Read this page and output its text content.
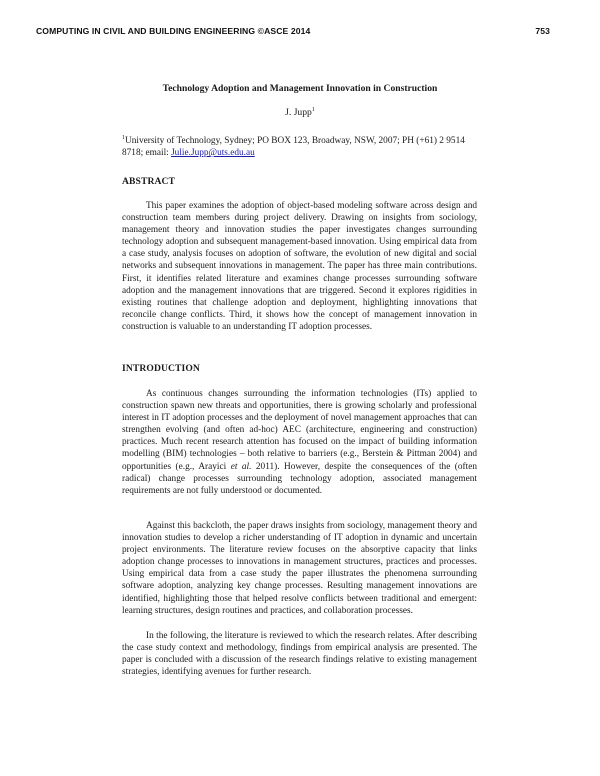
COMPUTING IN CIVIL AND BUILDING ENGINEERING ©ASCE 2014	753
Technology Adoption and Management Innovation in Construction
J. Jupp$^1$
$^1$University of Technology, Sydney; PO BOX 123, Broadway, NSW, 2007; PH (+61) 2 9514 8718; email: Julie.Jupp@uts.edu.au
ABSTRACT
This paper examines the adoption of object-based modeling software across design and construction team members during project delivery. Drawing on insights from sociology, management theory and innovation studies the paper investigates changes surrounding technology adoption and subsequent management-based innovation. Using empirical data from a case study, analysis focuses on adoption of software, the evolution of new digital and social networks and subsequent innovations in management. The paper has three main contributions. First, it identifies related literature and examines change processes surrounding software adoption and the management innovations that are triggered. Second it explores rigidities in existing routines that challenge adoption and deployment, highlighting innovations that reconcile change conflicts. Third, it shows how the concept of management innovation in construction is valuable to an understanding IT adoption processes.
INTRODUCTION
As continuous changes surrounding the information technologies (ITs) applied to construction spawn new threats and opportunities, there is growing scholarly and professional interest in IT adoption processes and the deployment of novel management approaches that can strengthen evolving (and often ad-hoc) AEC (architecture, engineering and construction) practices. Much recent research attention has focused on the impact of building information modelling (BIM) technologies – both relative to barriers (e.g., Berstein & Pittman 2004) and opportunities (e.g., Arayici et al. 2011). However, despite the consequences of the (often radical) change processes surrounding technology adoption, associated management requirements are not fully understood or documented.
Against this backcloth, the paper draws insights from sociology, management theory and innovation studies to develop a richer understanding of IT adoption in dynamic and uncertain project environments. The literature review focuses on the absorptive capacity that links adoption change processes to innovations in management structures, practices and processes. Using empirical data from a case study the paper illustrates the phenomena surrounding software adoption, analyzing key change processes. Resulting management innovations are identified, highlighting those that helped resolve conflicts between traditional and emergent: learning structures, design routines and practices, and collaboration processes.
In the following, the literature is reviewed to which the research relates. After describing the case study context and methodology, findings from empirical analysis are presented. The paper is concluded with a discussion of the research findings relative to existing management strategies, identifying avenues for further research.
